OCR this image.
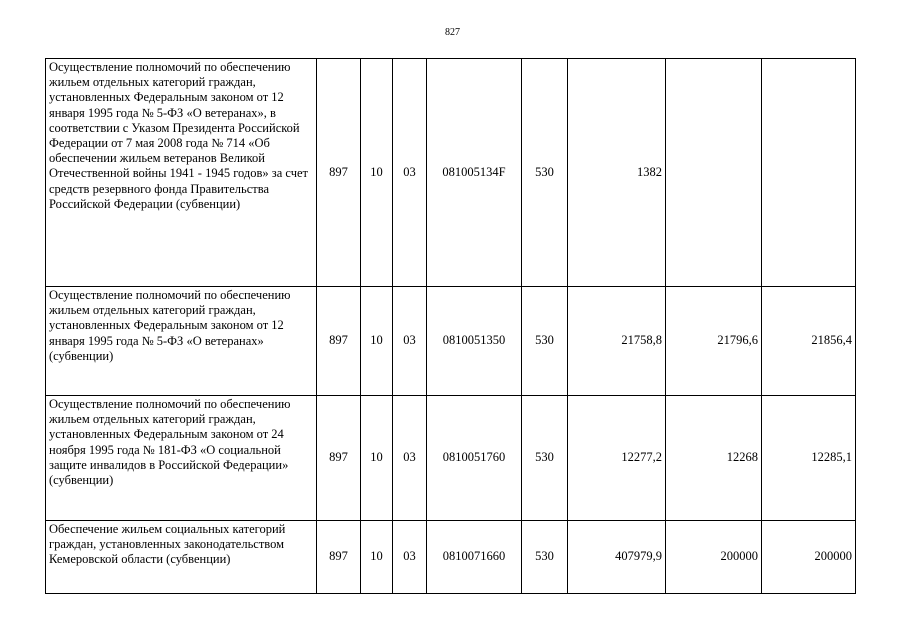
827
Осуществление полномочий по обеспечению жильем отдельных категорий граждан, установленных Федеральным законом от 12 января 1995 года № 5-ФЗ «О ветеранах», в соответствии с Указом Президента Российской Федерации от 7 мая 2008 года № 714 «Об обеспечении жильем ветеранов Великой Отечественной войны 1941 - 1945 годов» за счет средств резервного фонда Правительства Российской Федерации (субвенции)	897	10	03	081005134F	530	1382		
Осуществление полномочий по обеспечению жильем отдельных категорий граждан, установленных Федеральным законом от 12 января 1995 года № 5-ФЗ «О ветеранах» (субвенции)	897	10	03	0810051350	530	21758,8	21796,6	21856,4
Осуществление полномочий по обеспечению жильем отдельных категорий граждан, установленных Федеральным законом от 24 ноября 1995 года № 181-ФЗ «О социальной защите инвалидов в Российской Федерации» (субвенции)	897	10	03	0810051760	530	12277,2	12268	12285,1
Обеспечение жильем социальных категорий граждан, установленных законодательством Кемеровской области (субвенции)	897	10	03	0810071660	530	407979,9	200000	200000
